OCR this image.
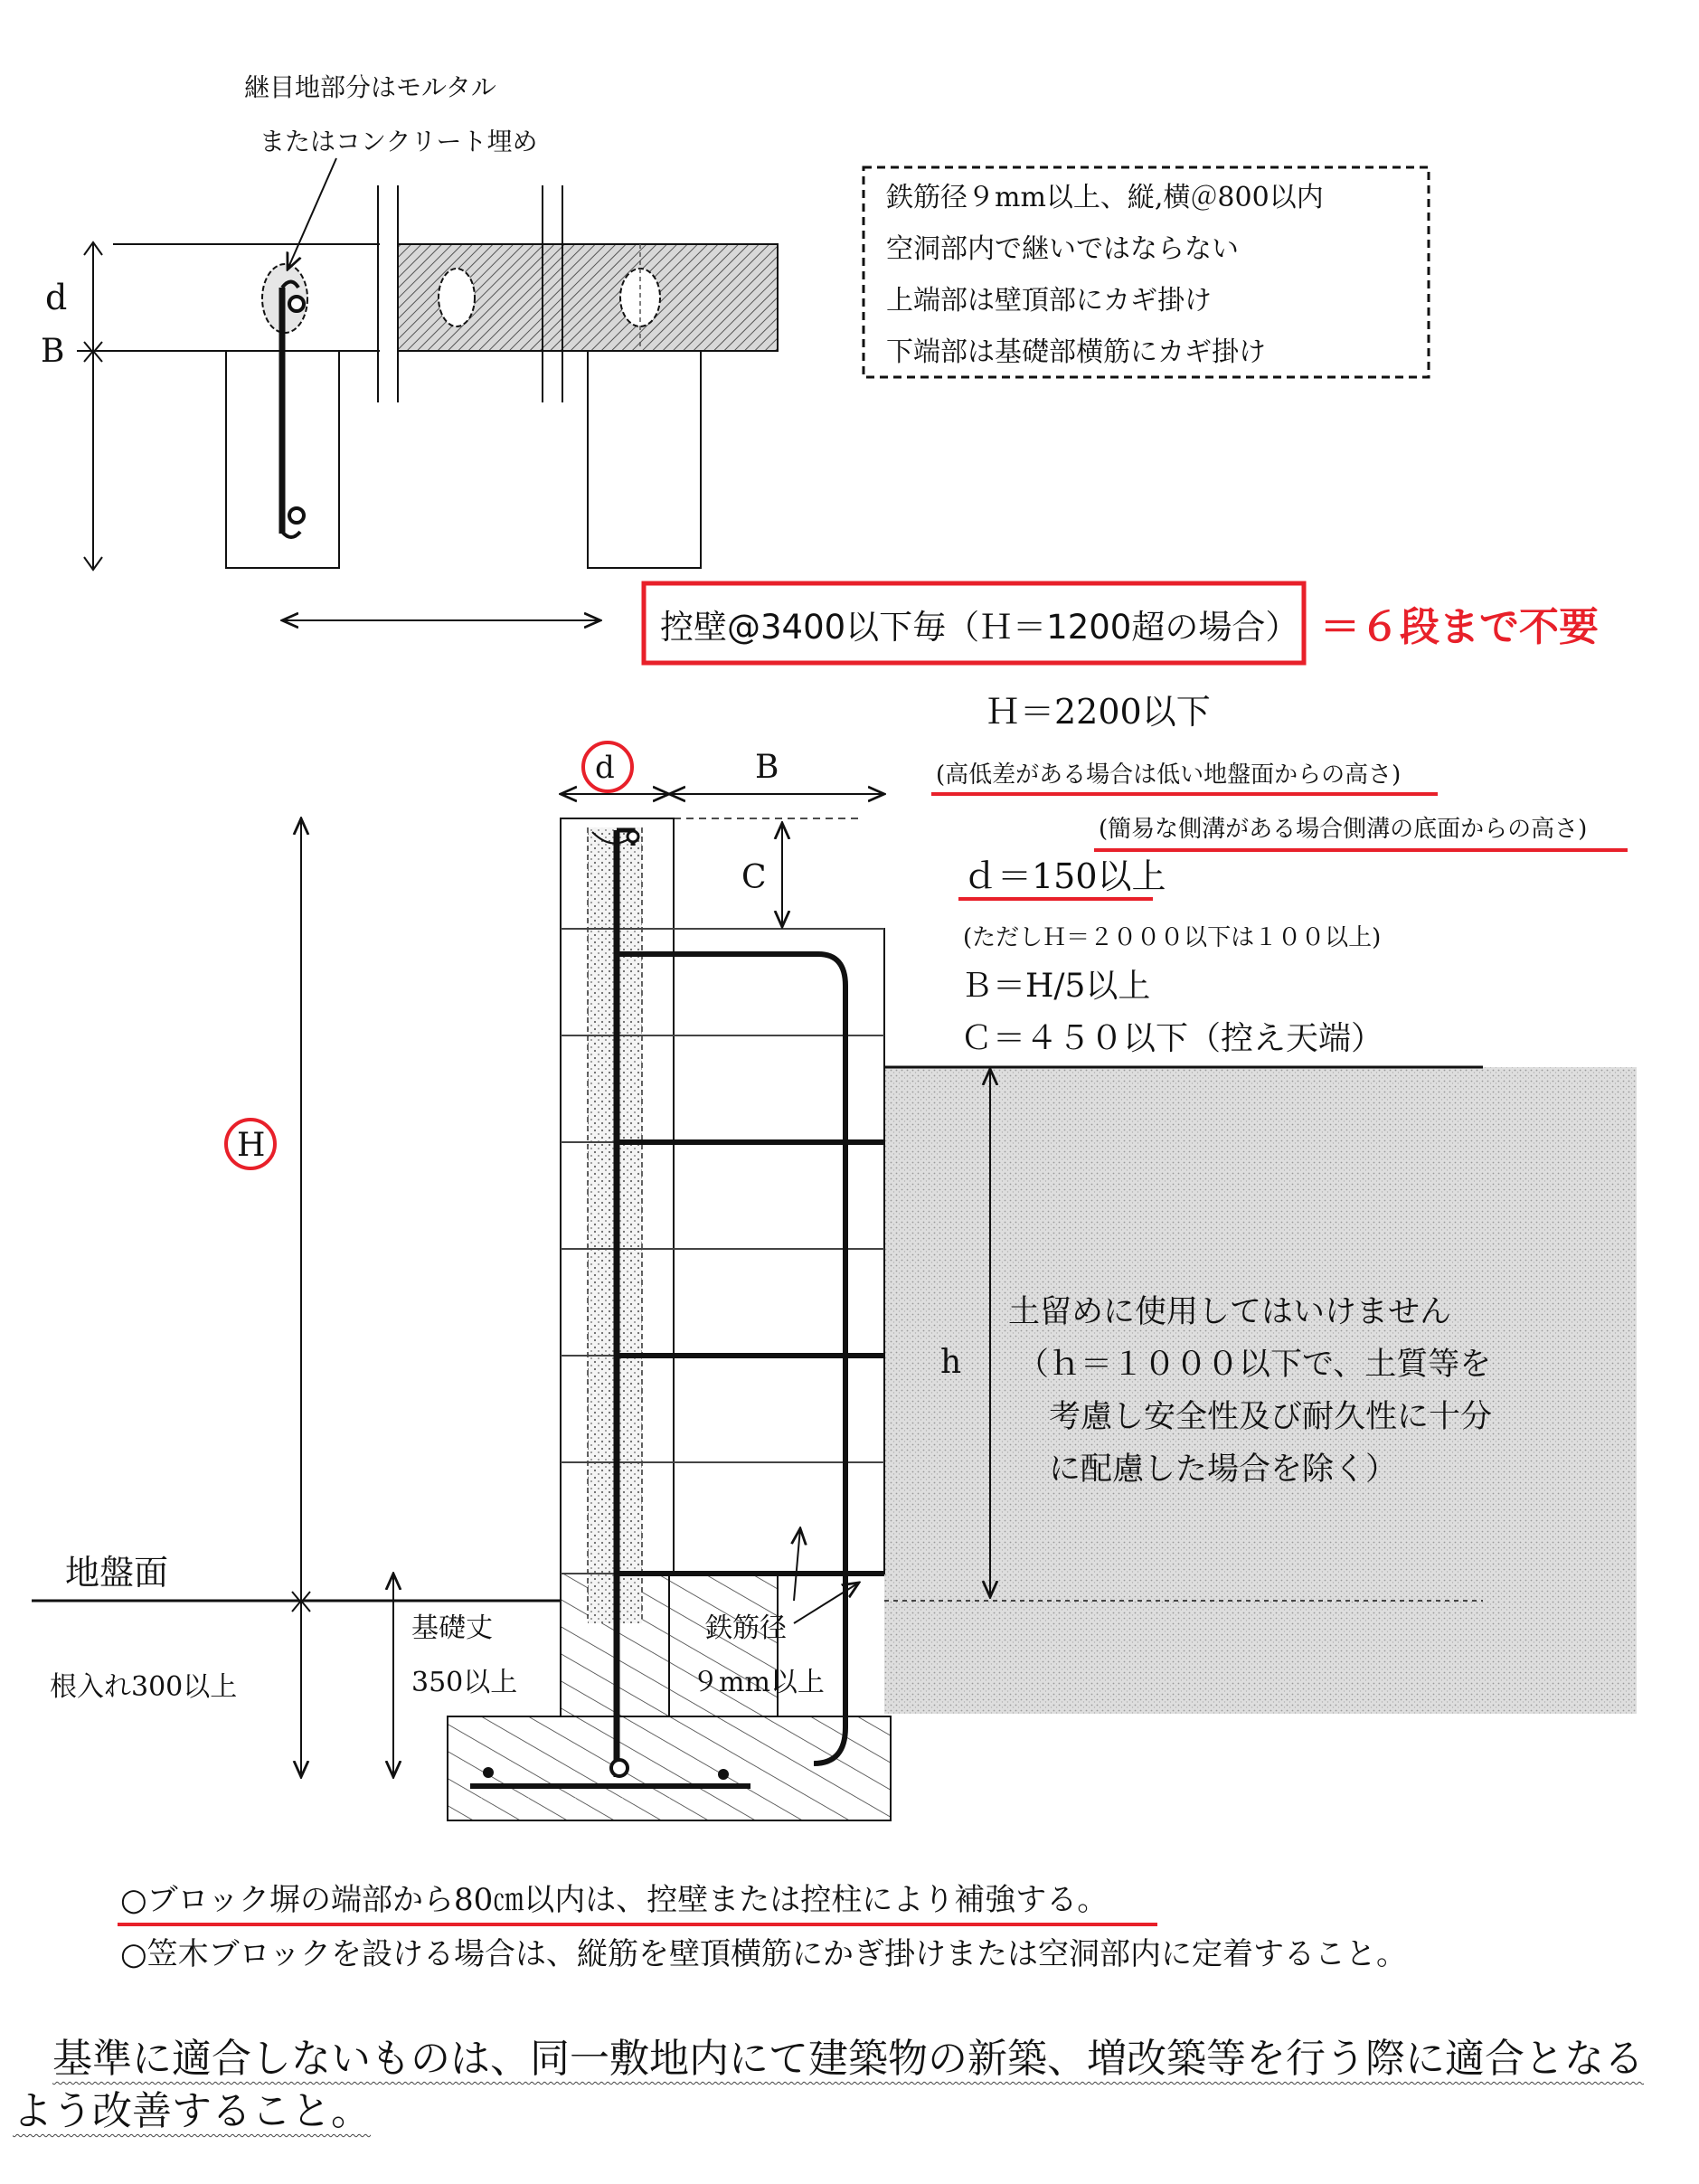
継目地部分はモルタル
またはコンクリート埋め
d
B
鉄筋径９mm以上、縦,横＠800以内
空洞部内で継いではならない
上端部は壁頂部にカギ掛け
下端部は基礎部横筋にカギ掛け
控壁@3400以下毎（Ｈ＝1200超の場合） ＝６段まで不要
d	B
C
H
h
Ｈ＝2200以下
(高低差がある場合は低い地盤面からの高さ)
(簡易な側溝がある場合側溝の底面からの高さ)
ｄ＝150以上
(ただしＨ＝２０００以下は１００以上)
Ｂ＝H/5以上
Ｃ＝４５０以下（控え天端）
土留めに使用してはいけません
（ｈ＝１０００以下で、土質等を
考慮し安全性及び耐久性に十分
に配慮した場合を除く）
地盤面
根入れ300以上
基礎丈
350以上
鉄筋径
９mm以上
○ブロック塀の端部から80㎝以内は、控壁または控柱により補強する。
○笠木ブロックを設ける場合は、縦筋を壁頂横筋にかぎ掛けまたは空洞部内に定着すること。
基準に適合しないものは、同一敷地内にて建築物の新築、増改築等を行う際に適合となる
よう改善すること。
